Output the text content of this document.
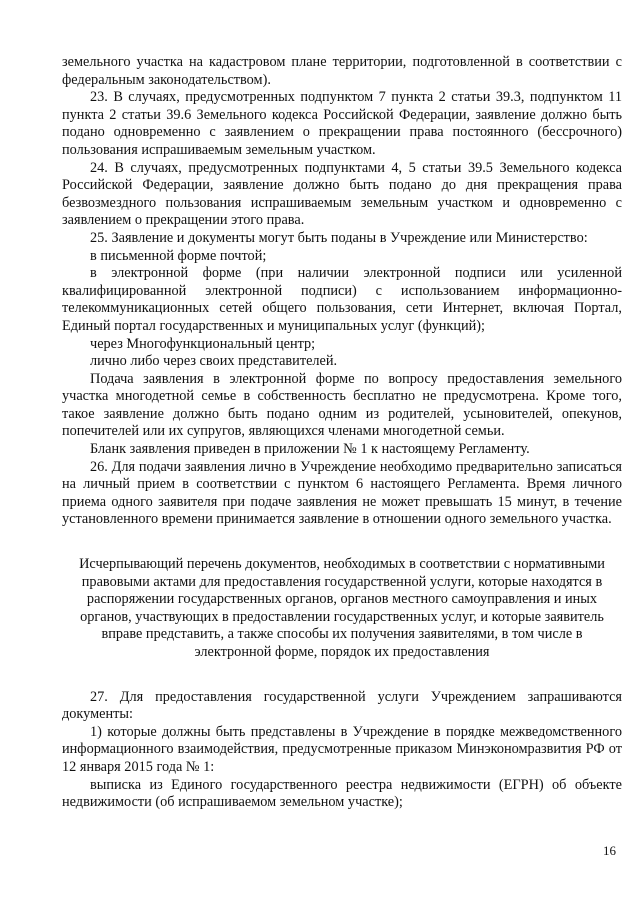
земельного участка на кадастровом плане территории, подготовленной в соответствии с федеральным законодательством).

23. В случаях, предусмотренных подпунктом 7 пункта 2 статьи 39.3, подпунктом 11 пункта 2 статьи 39.6 Земельного кодекса Российской Федерации, заявление должно быть подано одновременно с заявлением о прекращении права постоянного (бессрочного) пользования испрашиваемым земельным участком.

24. В случаях, предусмотренных подпунктами 4, 5 статьи 39.5 Земельного кодекса Российской Федерации, заявление должно быть подано до дня прекращения права безвозмездного пользования испрашиваемым земельным участком и одновременно с заявлением о прекращении этого права.

25. Заявление и документы могут быть поданы в Учреждение или Министерство:

в письменной форме почтой;

в электронной форме (при наличии электронной подписи или усиленной квалифицированной электронной подписи) с использованием информационно-телекоммуникационных сетей общего пользования, сети Интернет, включая Портал, Единый портал государственных и муниципальных услуг (функций);

через Многофункциональный центр;

лично либо через своих представителей.

Подача заявления в электронной форме по вопросу предоставления земельного участка многодетной семье в собственность бесплатно не предусмотрена. Кроме того, такое заявление должно быть подано одним из родителей, усыновителей, опекунов, попечителей или их супругов, являющихся членами многодетной семьи.

Бланк заявления приведен в приложении № 1 к настоящему Регламенту.

26. Для подачи заявления лично в Учреждение необходимо предварительно записаться на личный прием в соответствии с пунктом 6 настоящего Регламента. Время личного приема одного заявителя при подаче заявления не может превышать 15 минут, в течение установленного времени принимается заявление в отношении одного земельного участка.

Исчерпывающий перечень документов, необходимых в соответствии с нормативными правовыми актами для предоставления государственной услуги, которые находятся в распоряжении государственных органов, органов местного самоуправления и иных органов, участвующих в предоставлении государственных услуг, и которые заявитель вправе представить, а также способы их получения заявителями, в том числе в электронной форме, порядок их предоставления

27. Для предоставления государственной услуги Учреждением запрашиваются документы:

1) которые должны быть представлены в Учреждение в порядке межведомственного информационного взаимодействия, предусмотренные приказом Минэкономразвития РФ от 12 января 2015 года № 1:

выписка из Единого государственного реестра недвижимости (ЕГРН) об объекте недвижимости (об испрашиваемом земельном участке);

16
